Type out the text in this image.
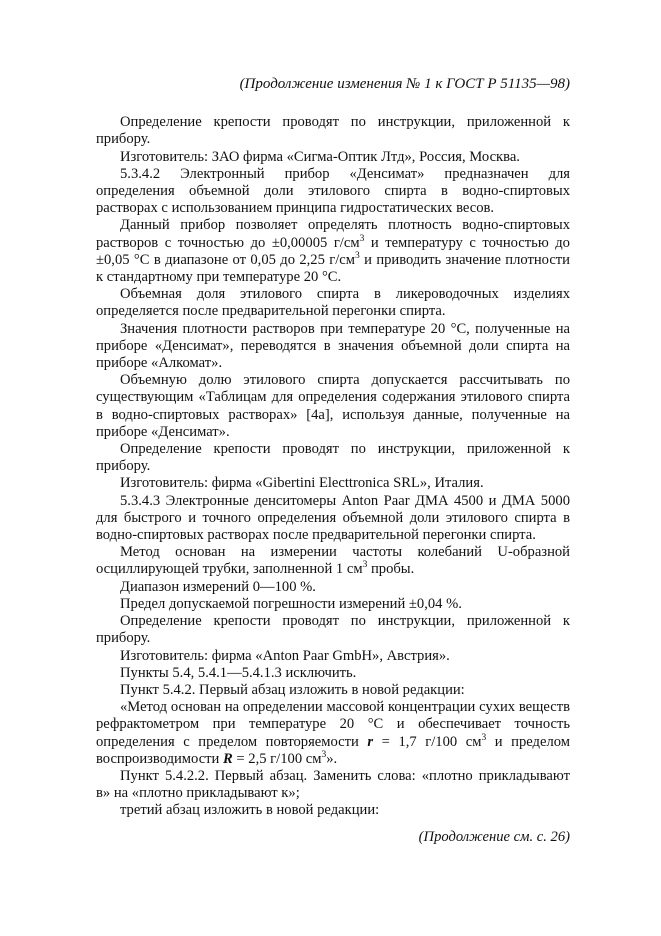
(Продолжение изменения № 1 к ГОСТ Р 51135—98)

Определение крепости проводят по инструкции, приложенной к прибору.

Изготовитель: ЗАО фирма «Сигма-Оптик Лтд», Россия, Москва.

5.3.4.2 Электронный прибор «Денсимат» предназначен для определения объемной доли этилового спирта в водно-спиртовых растворах с использованием принципа гидростатических весов.

Данный прибор позволяет определять плотность водно-спиртовых растворов с точностью до ±0,00005 $г/см^3$ и температуру с точностью до ±0,05 °С в диапазоне от 0,05 до 2,25 $г/см^3$ и приводить значение плотности к стандартному при температуре 20 °С.

Объемная доля этилового спирта в ликероводочных изделиях определяется после предварительной перегонки спирта.

Значения плотности растворов при температуре 20 °С, полученные на приборе «Денсимат», переводятся в значения объемной доли спирта на приборе «Алкомат».

Объемную долю этилового спирта допускается рассчитывать по существующим «Таблицам для определения содержания этилового спирта в водно-спиртовых растворах» [4а], используя данные, полученные на приборе «Денсимат».

Определение крепости проводят по инструкции, приложенной к прибору.

Изготовитель: фирма «Gibertini Electtronica SRL», Италия.

5.3.4.3 Электронные денситомеры Anton Paar ДМА 4500 и ДМА 5000 для быстрого и точного определения объемной доли этилового спирта в водно-спиртовых растворах после предварительной перегонки спирта.

Метод основан на измерении частоты колебаний U-образной осциллирующей трубки, заполненной 1 $см^3$ пробы.

Диапазон измерений 0—100 %.

Предел допускаемой погрешности измерений ±0,04 %.

Определение крепости проводят по инструкции, приложенной к прибору.

Изготовитель: фирма «Anton Paar GmbH», Австрия».

Пункты 5.4, 5.4.1—5.4.1.3 исключить.

Пункт 5.4.2. Первый абзац изложить в новой редакции:

«Метод основан на определении массовой концентрации сухих веществ рефрактометром при температуре 20 °С и обеспечивает точность определения с пределом повторяемости r = 1,7 г/100 $см^3$ и пределом воспроизводимости R = 2,5 г/100 $см^3$».

Пункт 5.4.2.2. Первый абзац. Заменить слова: «плотно прикладывают в» на «плотно прикладывают к»;

третий абзац изложить в новой редакции:

(Продолжение см. с. 26)
